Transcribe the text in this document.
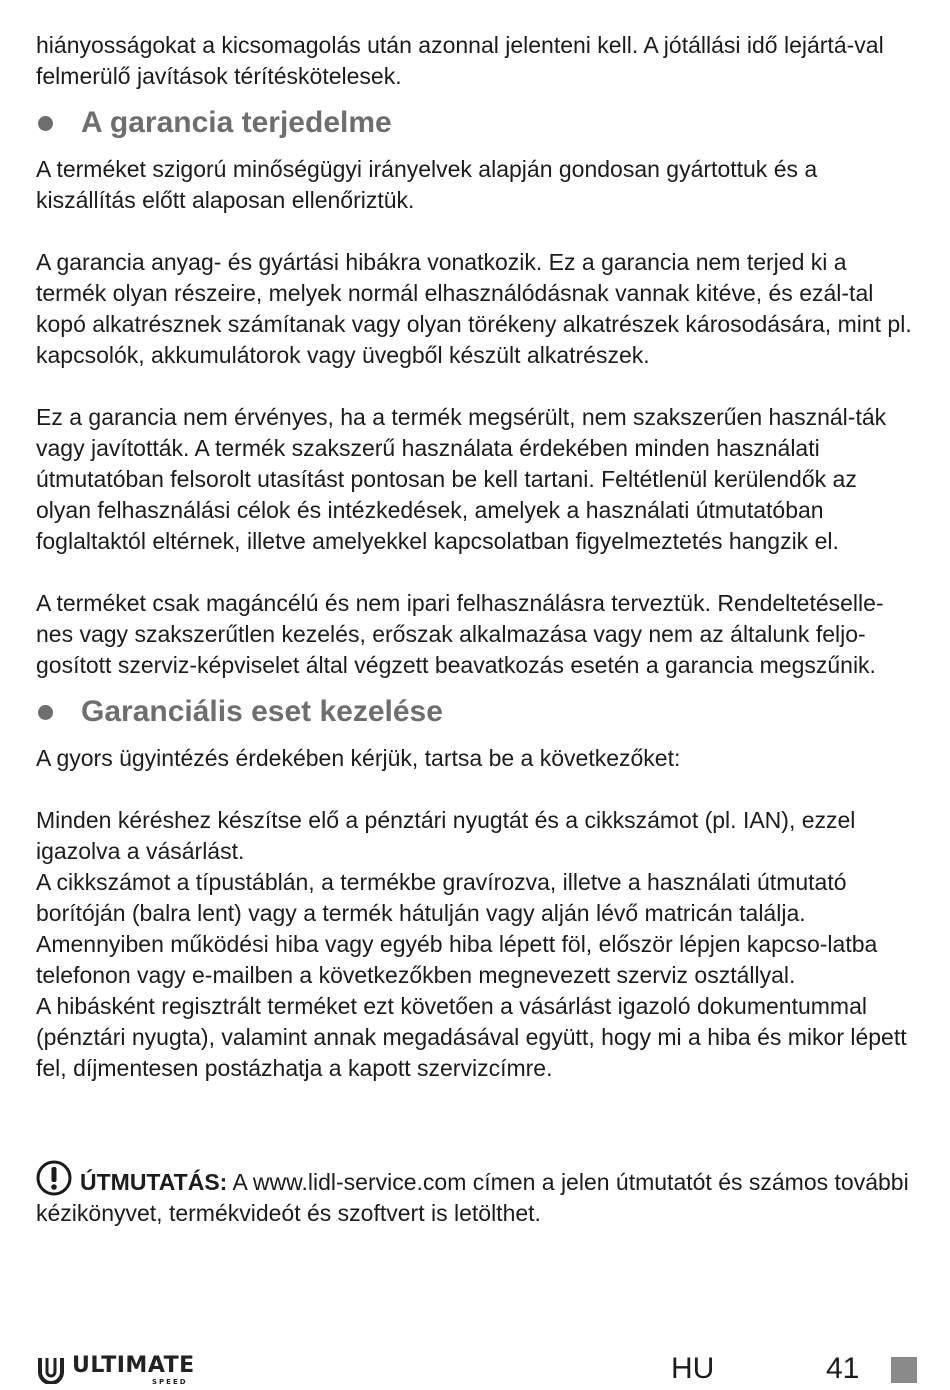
hiányosságokat a kicsomagolás után azonnal jelenteni kell. A jótállási idő lejártá-val felmerülő javítások térítéskötelesek.

A garancia terjedelme

A terméket szigorú minőségügyi irányelvek alapján gondosan gyártottuk és a kiszállítás előtt alaposan ellenőriztük.

A garancia anyag- és gyártási hibákra vonatkozik. Ez a garancia nem terjed ki a termék olyan részeire, melyek normál elhasználódásnak vannak kitéve, és ezál-tal kopó alkatrésznek számítanak vagy olyan törékeny alkatrészek károsodására, mint pl. kapcsolók, akkumulátorok vagy üvegből készült alkatrészek.

Ez a garancia nem érvényes, ha a termék megsérült, nem szakszerűen használ-ták vagy javították. A termék szakszerű használata érdekében minden használati útmutatóban felsorolt utasítást pontosan be kell tartani. Feltétlenül kerülendők az olyan felhasználási célok és intézkedések, amelyek a használati útmutatóban foglaltaktól eltérnek, illetve amelyekkel kapcsolatban figyelmeztetés hangzik el.

A terméket csak magáncélú és nem ipari felhasználásra terveztük. Rendeltetéselle-nes vagy szakszerűtlen kezelés, erőszak alkalmazása vagy nem az általunk feljo-gosított szerviz-képviselet által végzett beavatkozás esetén a garancia megszűnik.

Garanciális eset kezelése

A gyors ügyintézés érdekében kérjük, tartsa be a következőket:

Minden kéréshez készítse elő a pénztári nyugtát és a cikkszámot (pl. IAN), ezzel igazolva a vásárlást.

A cikkszámot a típustáblán, a termékbe gravírozva, illetve a használati útmutató borítóján (balra lent) vagy a termék hátulján vagy alján lévő matricán találja.

Amennyiben működési hiba vagy egyéb hiba lépett föl, először lépjen kapcso-latba telefonon vagy e-mailben a következőkben megnevezett szerviz osztállyal.

A hibásként regisztrált terméket ezt követően a vásárlást igazoló dokumentummal (pénztári nyugta), valamint annak megadásával együtt, hogy mi a hiba és mikor lépett fel, díjmentesen postázhatja a kapott szervizcímre.

ÚTMUTATÁS: A www.lidl-service.com címen a jelen útmutatót és számos további kézikönyvet, termékvideót és szoftvert is letölthet.

ULTIMATE
SPEED	HU	41
